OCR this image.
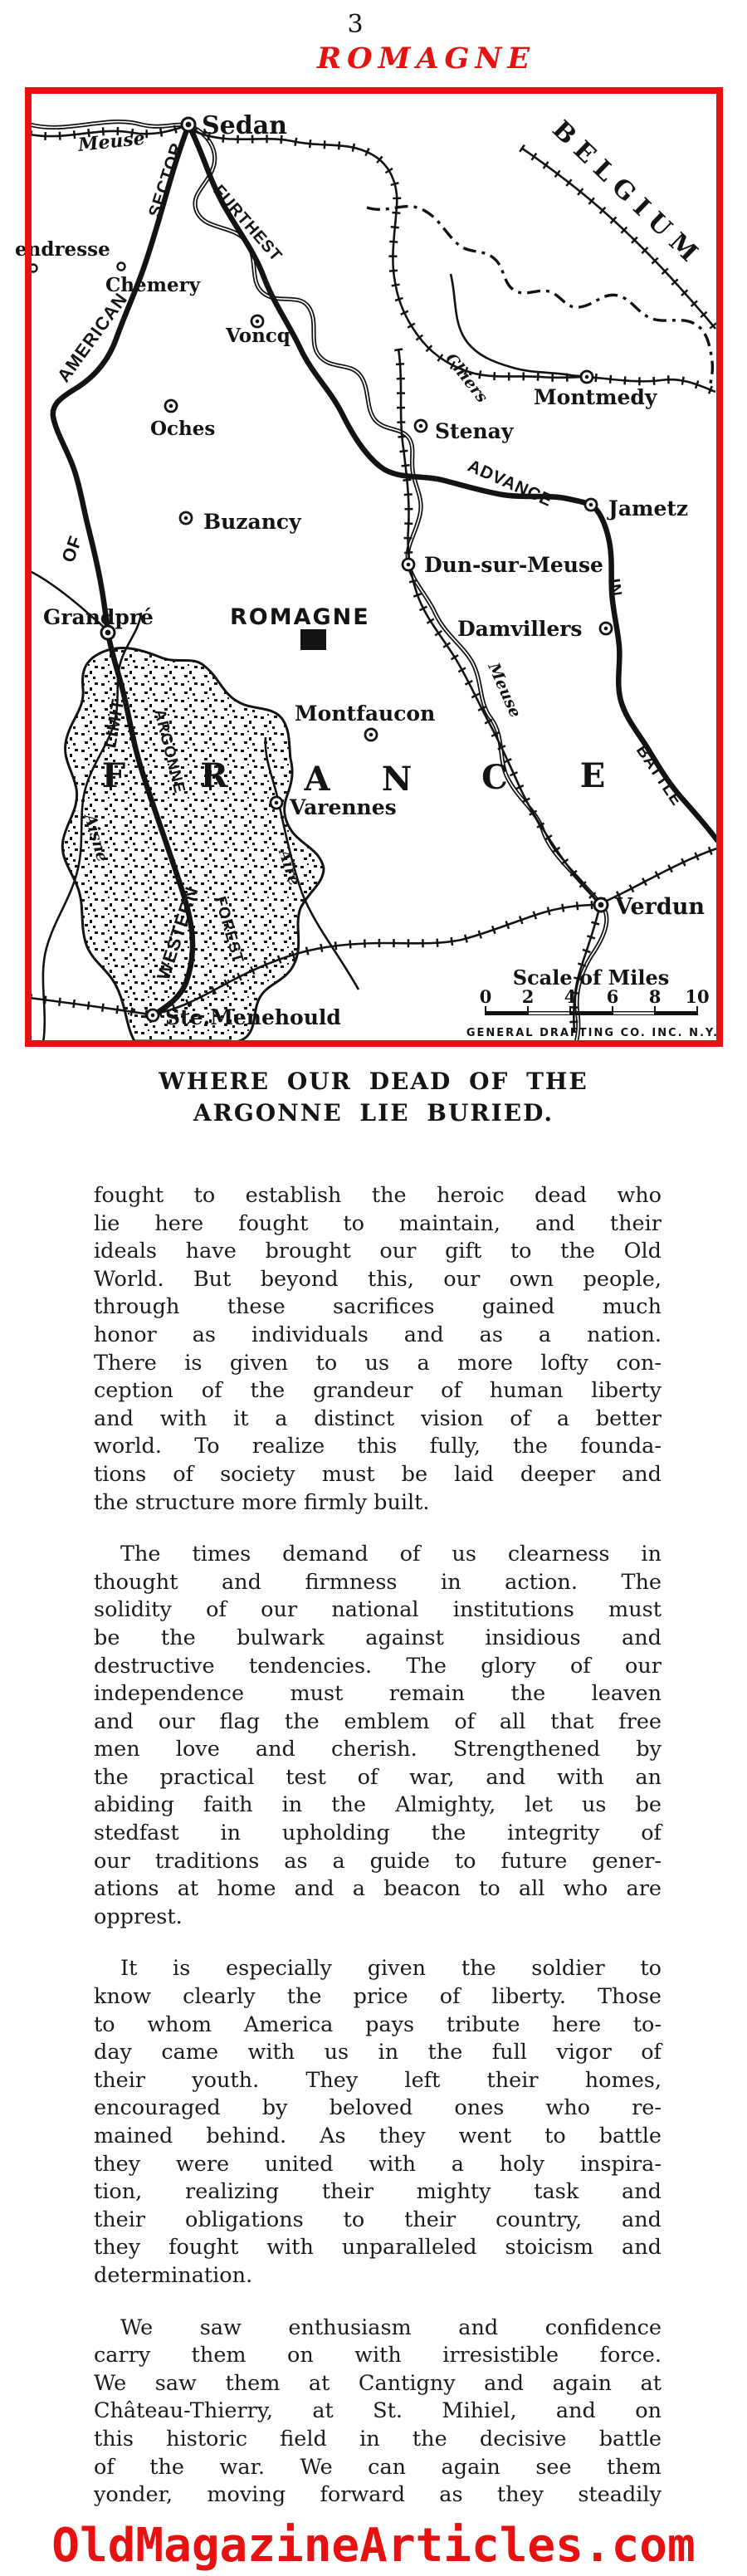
3
ROMAGNE
Sedan
endresse
Chemery
Voncq
Oches
Montmedy
Stenay
Jametz
Dun-sur-Meuse
Damvillers
Buzancy
Grandpré
Montfaucon
Varennes
Verdun
Ste.Menehould
ROMAGNE
BELGIUM
F R A N C E
Meuse
Chiers
Meuse
Aisne
Aire
SECTOR
FURTHEST
AMERICAN
OF
LIMIT
WESTERN
ARGONNE
FOREST
ADVANCE
IN
BATTLE
Scale of Miles
0 2 4 6 8 10
GENERAL DRAFTING CO. INC. N.Y.
WHERE OUR DEAD OF THE
ARGONNE LIE BURIED.
fought to establish the heroic dead who
lie here fought to maintain, and their
ideals have brought our gift to the Old
World. But beyond this, our own people,
through these sacrifices gained much
honor as individuals and as a nation.
There is given to us a more lofty con-
ception of the grandeur of human liberty
and with it a distinct vision of a better
world. To realize this fully, the founda-
tions of society must be laid deeper and
the structure more firmly built.
The times demand of us clearness in
thought and firmness in action. The
solidity of our national institutions must
be the bulwark against insidious and
destructive tendencies. The glory of our
independence must remain the leaven
and our flag the emblem of all that free
men love and cherish. Strengthened by
the practical test of war, and with an
abiding faith in the Almighty, let us be
stedfast in upholding the integrity of
our traditions as a guide to future gener-
ations at home and a beacon to all who are
opprest.
It is especially given the soldier to
know clearly the price of liberty. Those
to whom America pays tribute here to-
day came with us in the full vigor of
their youth. They left their homes,
encouraged by beloved ones who re-
mained behind. As they went to battle
they were united with a holy inspira-
tion, realizing their mighty task and
their obligations to their country, and
they fought with unparalleled stoicism and
determination.
We saw enthusiasm and confidence
carry them on with irresistible force.
We saw them at Cantigny and again at
Château-Thierry, at St. Mihiel, and on
this historic field in the decisive battle
of the war. We can again see them
yonder, moving forward as they steadily
OldMagazineArticles.com
